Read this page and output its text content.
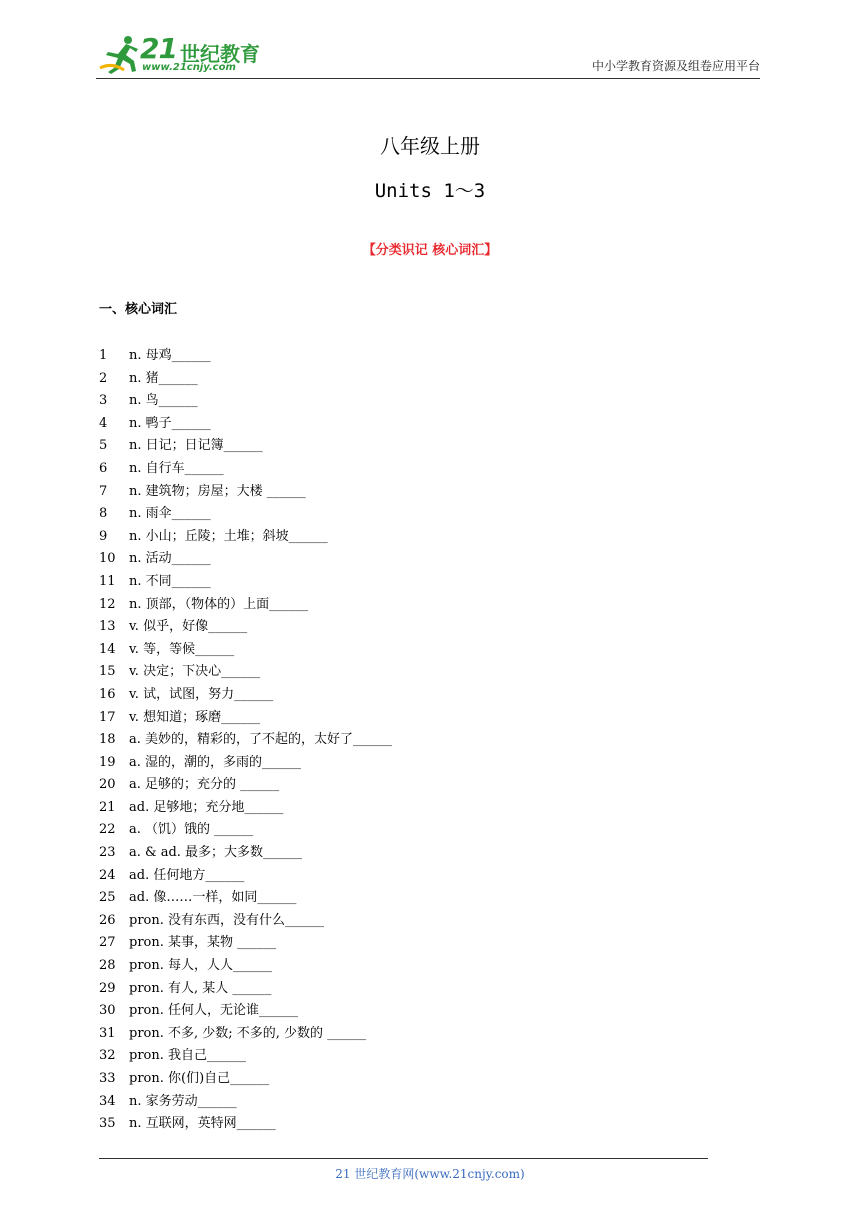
21 世纪教育
www.21cnjy.com	中小学教育资源及组卷应用平台
八年级上册
Units 1～3
【分类识记 核心词汇】
一、核心词汇
1 n. 母鸡______
2 n. 猪______
3 n. 鸟______
4 n. 鸭子______
5 n. 日记；日记簿______
6 n. 自行车______
7 n. 建筑物；房屋；大楼 ______
8 n. 雨伞______
9 n. 小山；丘陵；土堆；斜坡______
10 n. 活动______
11 n. 不同______
12 n. 顶部，（物体的）上面______
13 v. 似乎，好像______
14 v. 等，等候______
15 v. 决定；下决心______
16 v. 试，试图，努力______
17 v. 想知道；琢磨______
18 a. 美妙的，精彩的，了不起的，太好了______
19 a. 湿的，潮的，多雨的______
20 a. 足够的；充分的 ______
21 ad. 足够地；充分地______
22 a. （饥）饿的 ______
23 a. & ad. 最多；大多数______
24 ad. 任何地方______
25 ad. 像……一样，如同______
26 pron. 没有东西，没有什么______
27 pron. 某事，某物 ______
28 pron. 每人，人人______
29 pron. 有人, 某人 ______
30 pron. 任何人，无论谁______
31 pron. 不多, 少数; 不多的, 少数的 ______
32 pron. 我自己______
33 pron. 你(们)自己______
34 n. 家务劳动______
35 n. 互联网，英特网______
21 世纪教育网(www.21cnjy.com)
